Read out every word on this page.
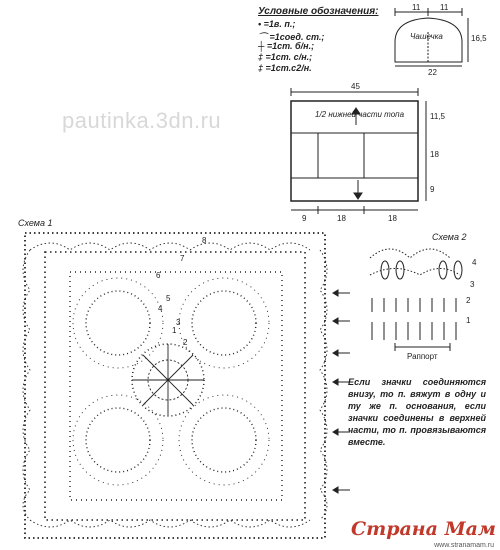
Условные обозначения:
• =1в. п.;
⌒ =1соед. ст.;
┼ =1ст. б/н.;
‡ =1ст. с/н.;
‡ =1ст.с2/н.
pautinka.3dn.ru
11 11
Чашечка
22
16,5
45
1/2 нижней части топа	11,5
18
9
9	18	18
Схема 1
8
7
6
5
4
3
1
2
Схема 2
4
3
2
1
Раппорт
Если значки соединяются внизу, то п. вяжут в одну и ту же п. основания, если значки соединены в верхней части, то п. провязываются вместе.
Страна Мам
www.stranamam.ru
